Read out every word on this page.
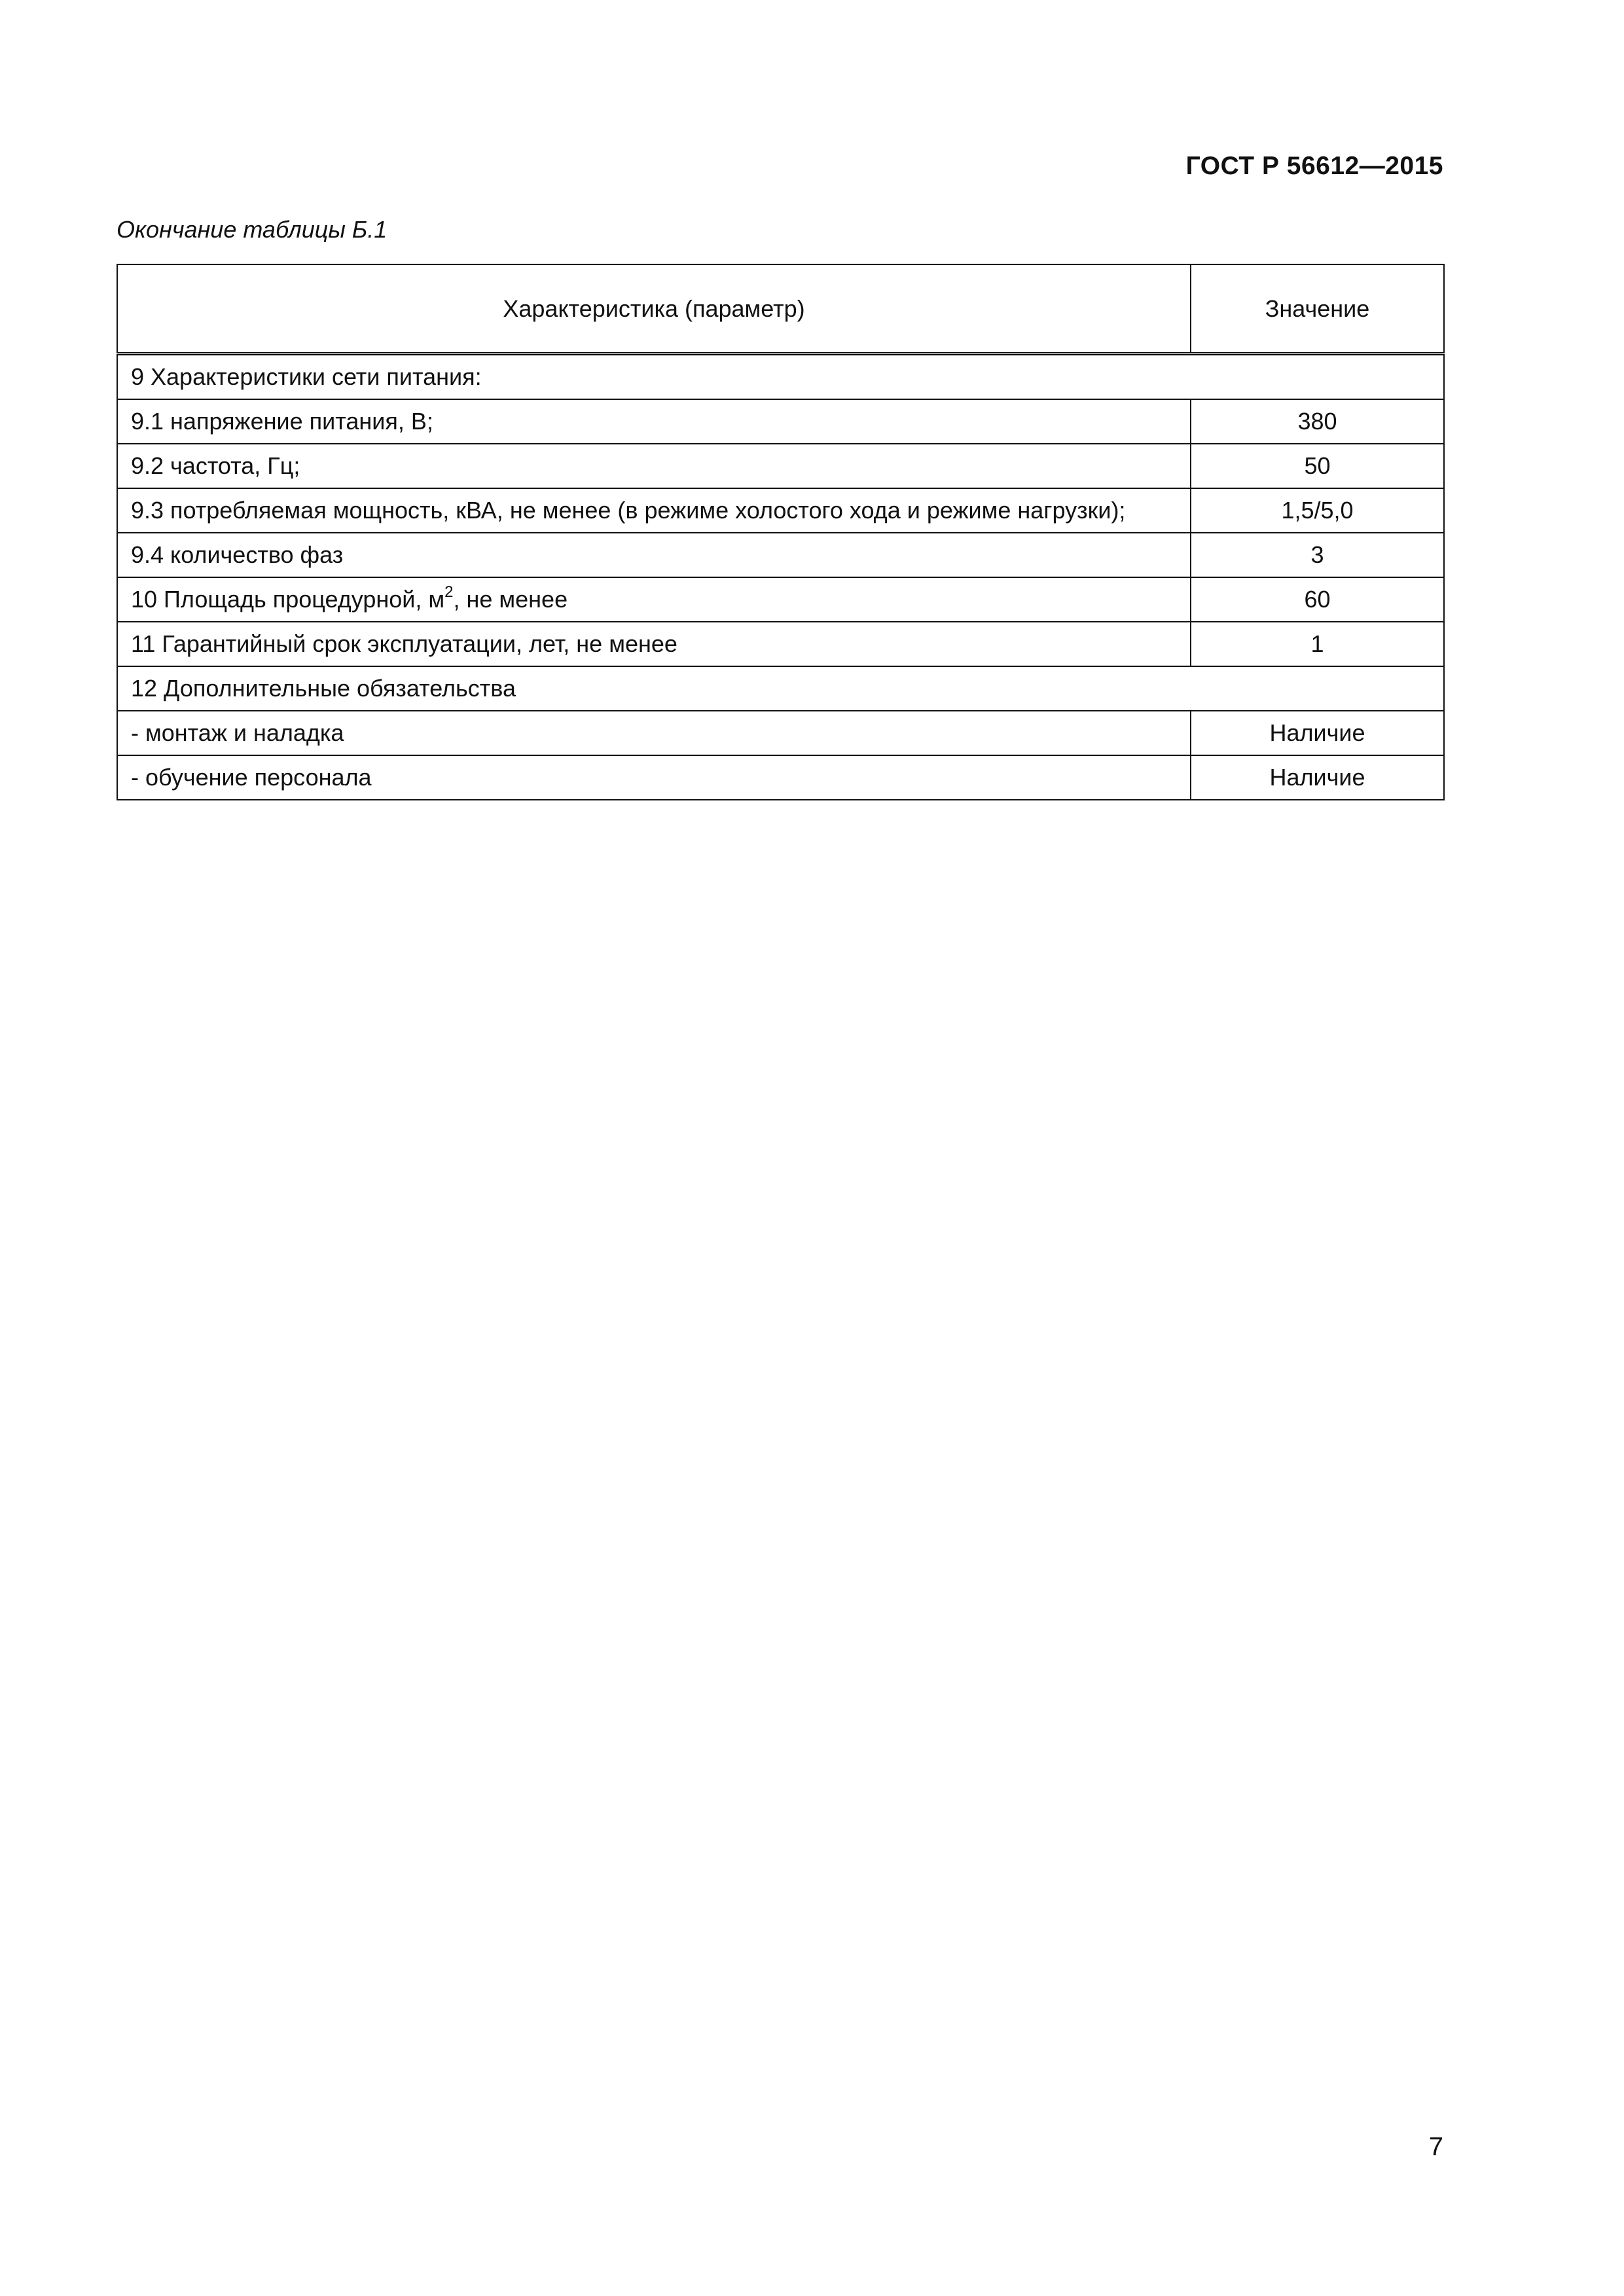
ГОСТ Р 56612—2015
Окончание таблицы Б.1
Характеристика (параметр)	Значение
9 Характеристики сети питания:	
9.1 напряжение питания, В;	380
9.2 частота, Гц;	50
9.3 потребляемая мощность, кВА, не менее (в режиме холостого хода и режиме нагрузки);	1,5/5,0
9.4 количество фаз	3
10 Площадь процедурной, $м^2$, не менее	60
11 Гарантийный срок эксплуатации, лет, не менее	1
12 Дополнительные обязательства	
- монтаж и наладка	Наличие
- обучение персонала	Наличие
7
